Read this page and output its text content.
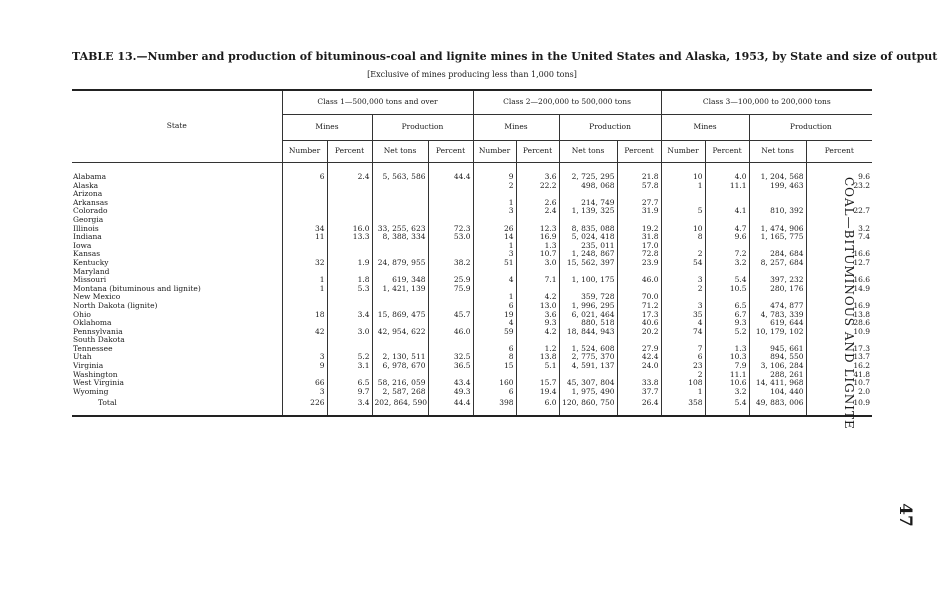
TABLE 13.—Number and production of bituminous-coal and lignite mines in the United States and Alaska, 1953, by State and size of output
[Exclusive of mines producing less than 1,000 tons]
State	Class 1—500,000 tons and over				Class 2—200,000 to 500,000 tons				Class 3—100,000 to 200,000 tons			
	Mines		Production		Mines		Production		Mines		Production	
	Number	Percent	Net tons	Percent	Number	Percent	Net tons	Percent	Number	Percent	Net tons	Percent
Alabama	6	2.4	5, 563, 586	44.4	9	3.6	2, 725, 295	21.8	10	4.0	1, 204, 568	9.6
Alaska					2	22.2	498, 068	57.8	1	11.1	199, 463	23.2
Arizona												
Arkansas					1	2.6	214, 749	27.7				
Colorado					3	2.4	1, 139, 325	31.9	5	4.1	810, 392	22.7
Georgia												
Illinois	34	16.0	33, 255, 623	72.3	26	12.3	8, 835, 088	19.2	10	4.7	1, 474, 906	3.2
Indiana	11	13.3	8, 388, 334	53.0	14	16.9	5, 024, 418	31.8	8	9.6	1, 165, 775	7.4
Iowa					1	1.3	235, 011	17.0				
Kansas					3	10.7	1, 248, 867	72.8	2	7.2	284, 684	16.6
Kentucky	32	1.9	24, 879, 955	38.2	51	3.0	15, 562, 397	23.9	54	3.2	8, 257, 684	12.7
Maryland												
Missouri	1	1.8	619, 348	25.9	4	7.1	1, 100, 175	46.0	3	5.4	397, 232	16.6
Montana (bituminous and lignite)	1	5.3	1, 421, 139	75.9					2	10.5	280, 176	14.9
New Mexico					1	4.2	359, 728	70.0				
North Dakota (lignite)					6	13.0	1, 996, 295	71.2	3	6.5	474, 877	16.9
Ohio	18	3.4	15, 869, 475	45.7	19	3.6	6, 021, 464	17.3	35	6.7	4, 783, 339	13.8
Oklahoma					4	9.3	880, 518	40.6	4	9.3	619, 644	28.6
Pennsylvania	42	3.0	42, 954, 622	46.0	59	4.2	18, 844, 943	20.2	74	5.2	10, 179, 102	10.9
South Dakota												
Tennessee					6	1.2	1, 524, 608	27.9	7	1.3	945, 661	17.3
Utah	3	5.2	2, 130, 511	32.5	8	13.8	2, 775, 370	42.4	6	10.3	894, 550	13.7
Virginia	9	3.1	6, 978, 670	36.5	15	5.1	4, 591, 137	24.0	23	7.9	3, 106, 284	16.2
Washington									2	11.1	288, 261	41.8
West Virginia	66	6.5	58, 216, 059	43.4	160	15.7	45, 307, 804	33.8	108	10.6	14, 411, 968	10.7
Wyoming	3	9.7	2, 587, 268	49.3	6	19.4	1, 975, 490	37.7	1	3.2	104, 440	2.0
Total	226	3.4	202, 864, 590	44.4	398	6.0	120, 860, 750	26.4	358	5.4	49, 883, 006	10.9
COAL—BITUMINOUS AND LIGNITE
47
